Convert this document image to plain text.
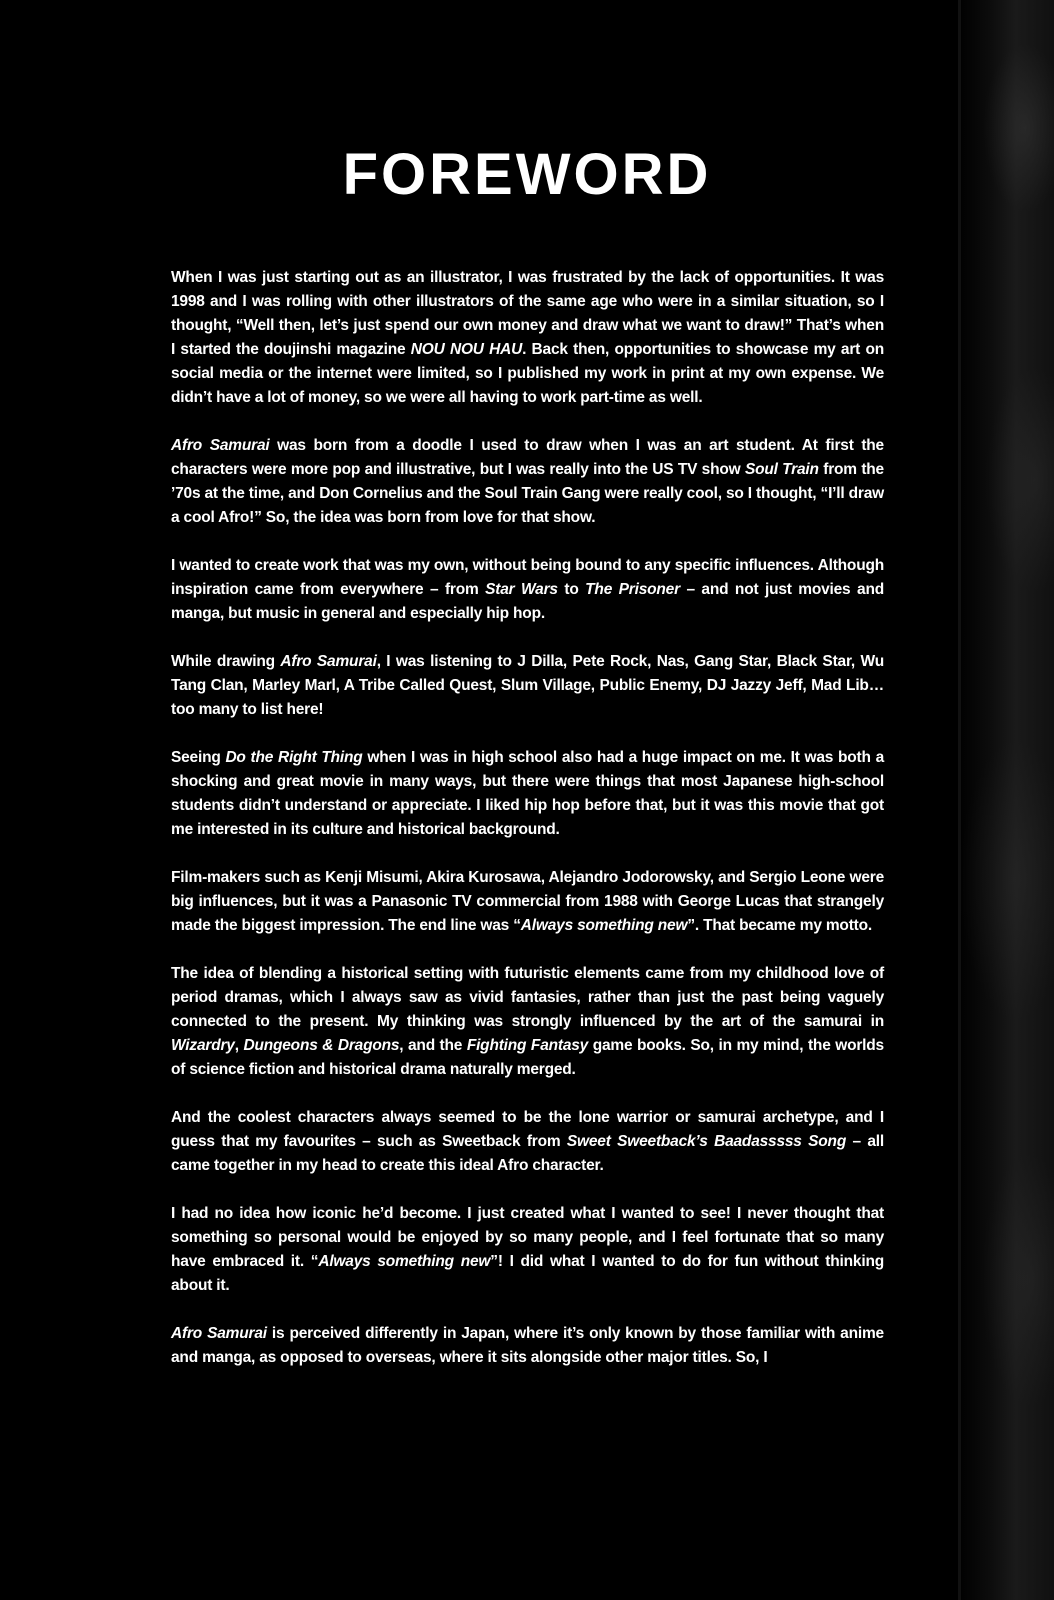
FOREWORD

When I was just starting out as an illustrator, I was frustrated by the lack of opportunities. It was 1998 and I was rolling with other illustrators of the same age who were in a similar situation, so I thought, “Well then, let’s just spend our own money and draw what we want to draw!” That’s when I started the doujinshi magazine NOU NOU HAU. Back then, opportunities to showcase my art on social media or the internet were limited, so I published my work in print at my own expense. We didn’t have a lot of money, so we were all having to work part-time as well.

Afro Samurai was born from a doodle I used to draw when I was an art student. At first the characters were more pop and illustrative, but I was really into the US TV show Soul Train from the ’70s at the time, and Don Cornelius and the Soul Train Gang were really cool, so I thought, “I’ll draw a cool Afro!” So, the idea was born from love for that show.

I wanted to create work that was my own, without being bound to any specific influences. Although inspiration came from everywhere – from Star Wars to The Prisoner – and not just movies and manga, but music in general and especially hip hop.

While drawing Afro Samurai, I was listening to J Dilla, Pete Rock, Nas, Gang Star, Black Star, Wu Tang Clan, Marley Marl, A Tribe Called Quest, Slum Village, Public Enemy, DJ Jazzy Jeff, Mad Lib… too many to list here!

Seeing Do the Right Thing when I was in high school also had a huge impact on me. It was both a shocking and great movie in many ways, but there were things that most Japanese high-school students didn’t understand or appreciate. I liked hip hop before that, but it was this movie that got me interested in its culture and historical background.

Film-makers such as Kenji Misumi, Akira Kurosawa, Alejandro Jodorowsky, and Sergio Leone were big influences, but it was a Panasonic TV commercial from 1988 with George Lucas that strangely made the biggest impression. The end line was “Always something new”. That became my motto.

The idea of blending a historical setting with futuristic elements came from my childhood love of period dramas, which I always saw as vivid fantasies, rather than just the past being vaguely connected to the present. My thinking was strongly influenced by the art of the samurai in Wizardry, Dungeons & Dragons, and the Fighting Fantasy game books. So, in my mind, the worlds of science fiction and historical drama naturally merged.

And the coolest characters always seemed to be the lone warrior or samurai archetype, and I guess that my favourites – such as Sweetback from Sweet Sweetback’s Baadasssss Song – all came together in my head to create this ideal Afro character.

I had no idea how iconic he’d become. I just created what I wanted to see! I never thought that something so personal would be enjoyed by so many people, and I feel fortunate that so many have embraced it. “Always something new”! I did what I wanted to do for fun without thinking about it.

Afro Samurai is perceived differently in Japan, where it’s only known by those familiar with anime and manga, as opposed to overseas, where it sits alongside other major titles. So, I
